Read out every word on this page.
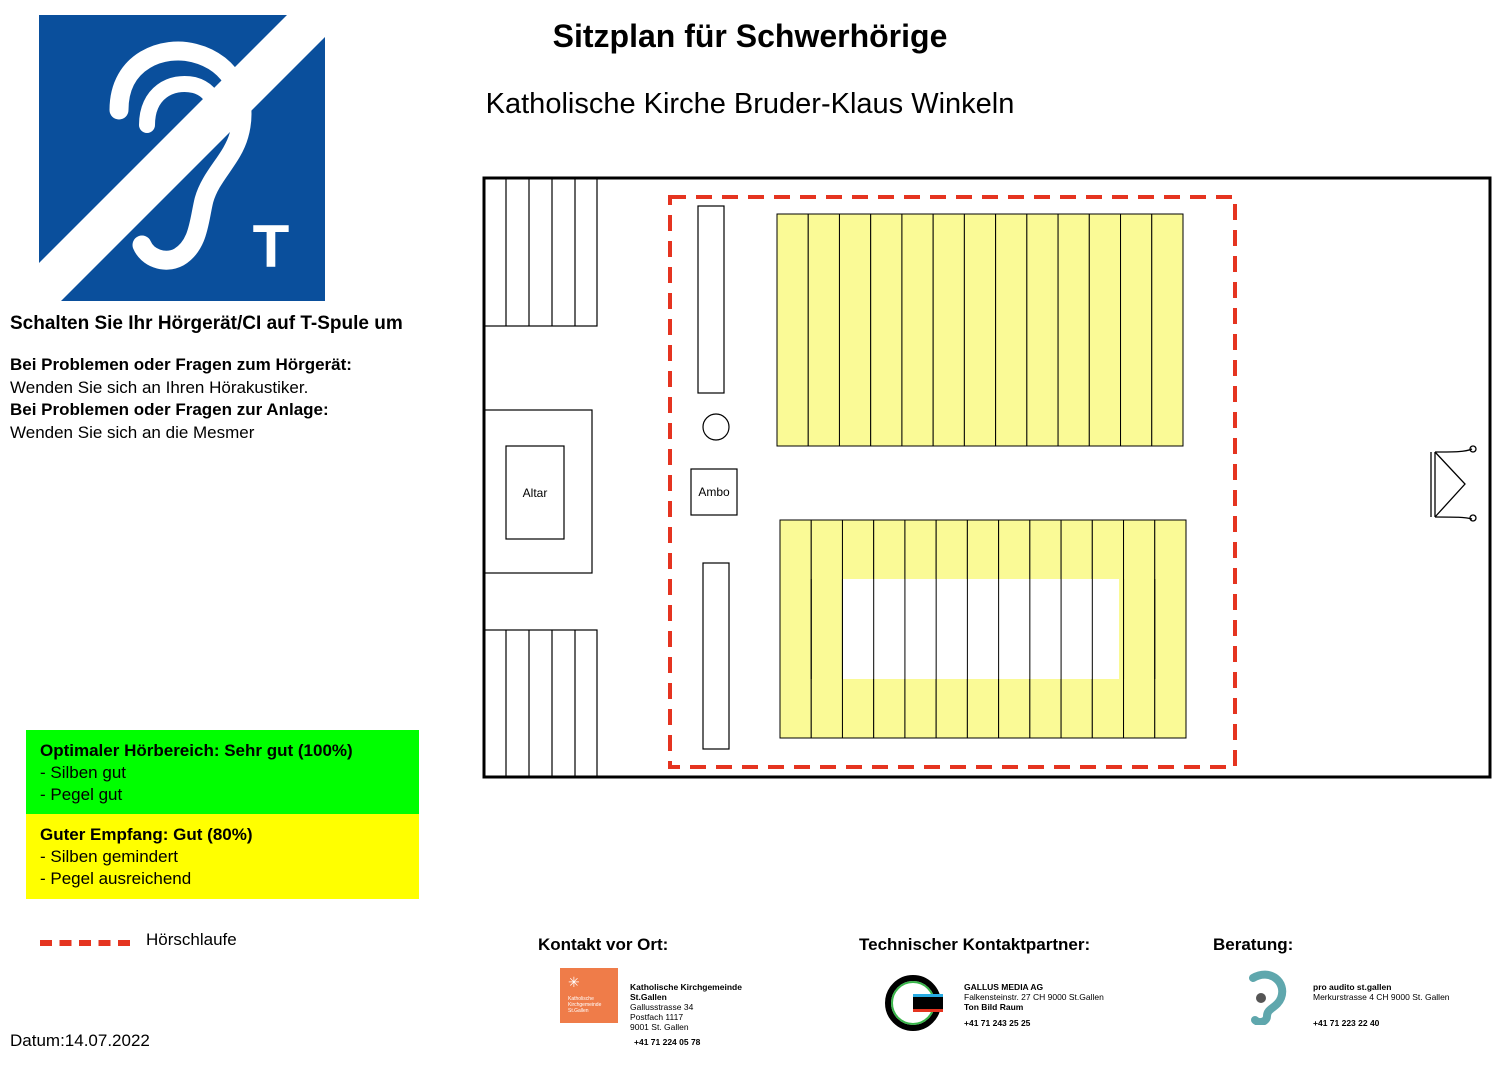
Sitzplan für Schwerhörige
Katholische Kirche Bruder-Klaus Winkeln
T
Schalten Sie Ihr Hörgerät/CI auf T-Spule um
Bei Problemen oder Fragen zum Hörgerät:
Wenden Sie sich an Ihren Hörakustiker.
Bei Problemen oder Fragen zur Anlage:
Wenden Sie sich an die Mesmer
Altar	Ambo
Optimaler Hörbereich: Sehr gut (100%)
- Silben gut
- Pegel gut
Guter Empfang: Gut (80%)
- Silben gemindert
- Pegel ausreichend
Hörschlaufe	Kontakt vor Ort:
✳
Katholische Kirchgemeinde St.Gallen
Katholische Kirchgemeinde
St.Gallen
Gallusstrasse 34
Postfach 1117
9001 St. Gallen
+41 71 224 05 78
Technischer Kontaktpartner:
GALLUS MEDIA AG
Falkensteinstr. 27 CH 9000 St.Gallen
Ton Bild Raum
+41 71 243 25 25
Beratung:
pro audito st.gallen
Merkurstrasse 4 CH 9000 St. Gallen
+41 71 223 22 40
Datum:14.07.2022
